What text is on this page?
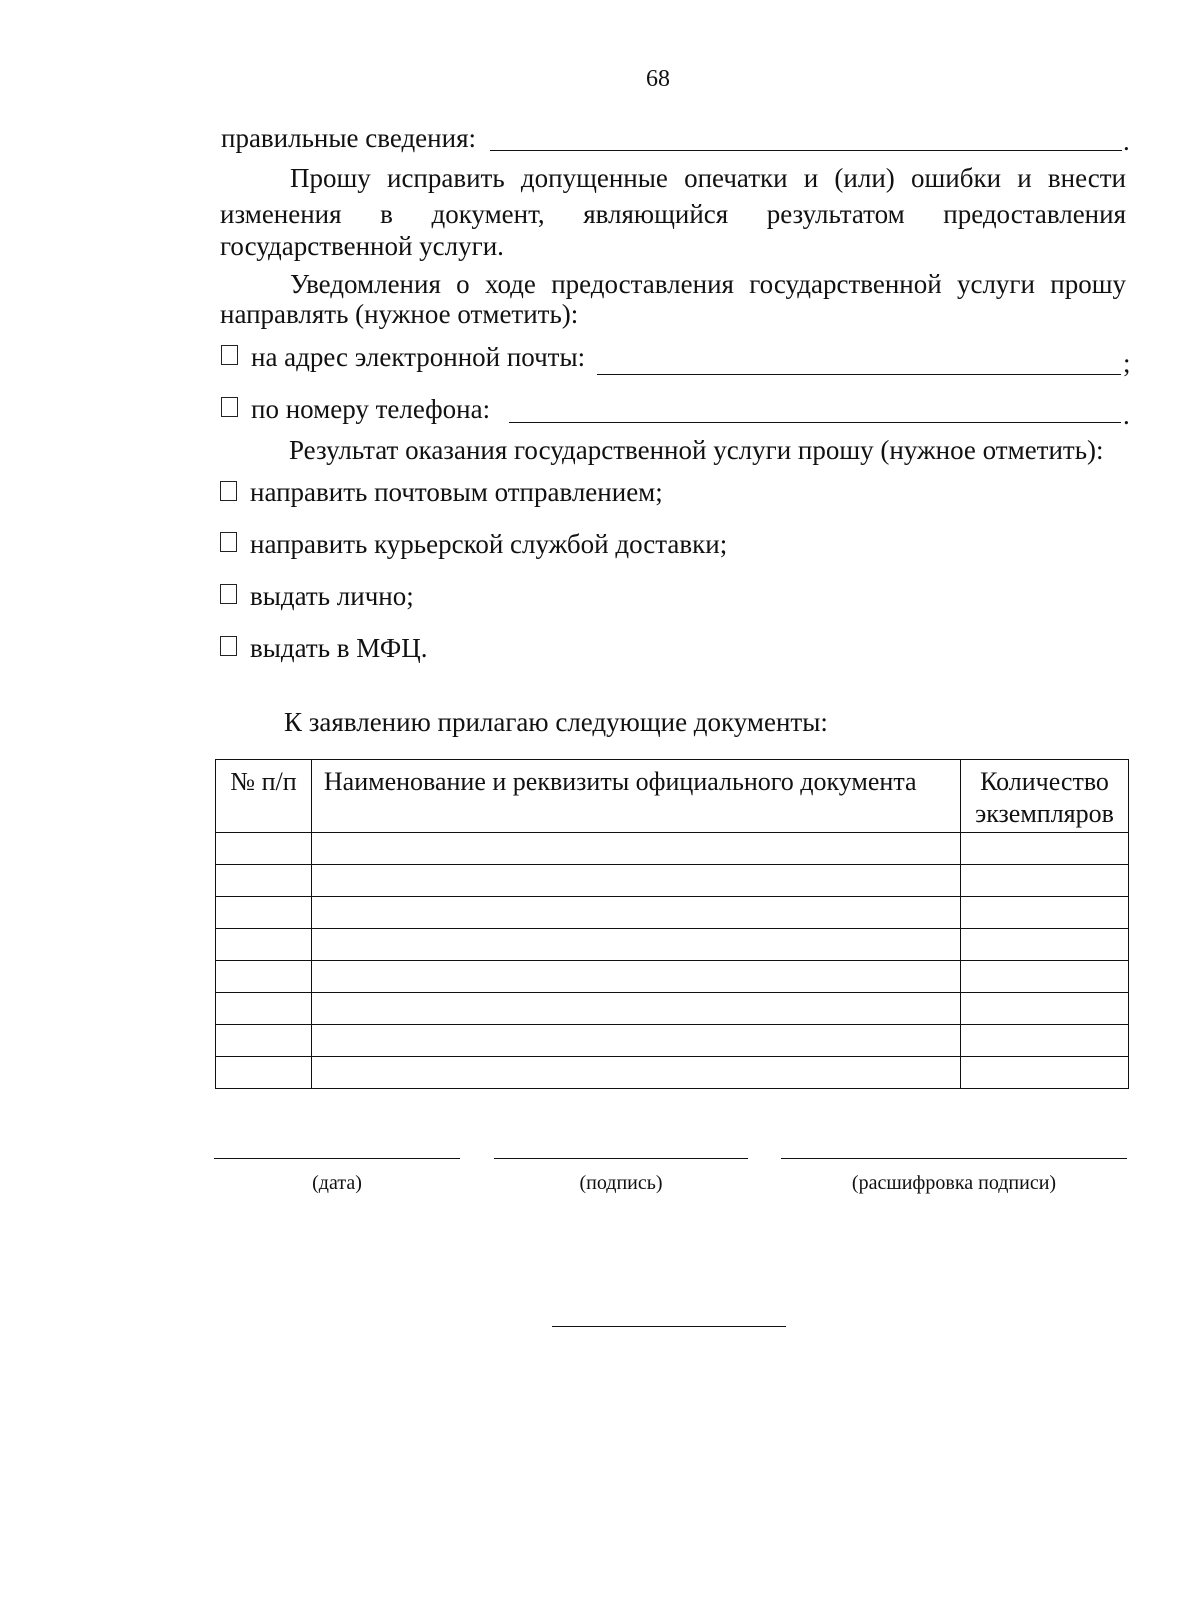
68
правильные сведения:	.
Прошу исправить допущенные опечатки и (или) ошибки и внести
изменения в документ, являющийся результатом предоставления
государственной услуги.
Уведомления о ходе предоставления государственной услуги прошу
направлять (нужное отметить):
на адрес электронной почты:	;
по номеру телефона:	.
Результат оказания государственной услуги прошу (нужное отметить):
направить почтовым отправлением;
направить курьерской службой доставки;
выдать лично;
выдать в МФЦ.
К заявлению прилагаю следующие документы:
№ п/п	Наименование и реквизиты официального документа	Количество экземпляров

(дата)	(подпись)	(расшифровка подписи)
